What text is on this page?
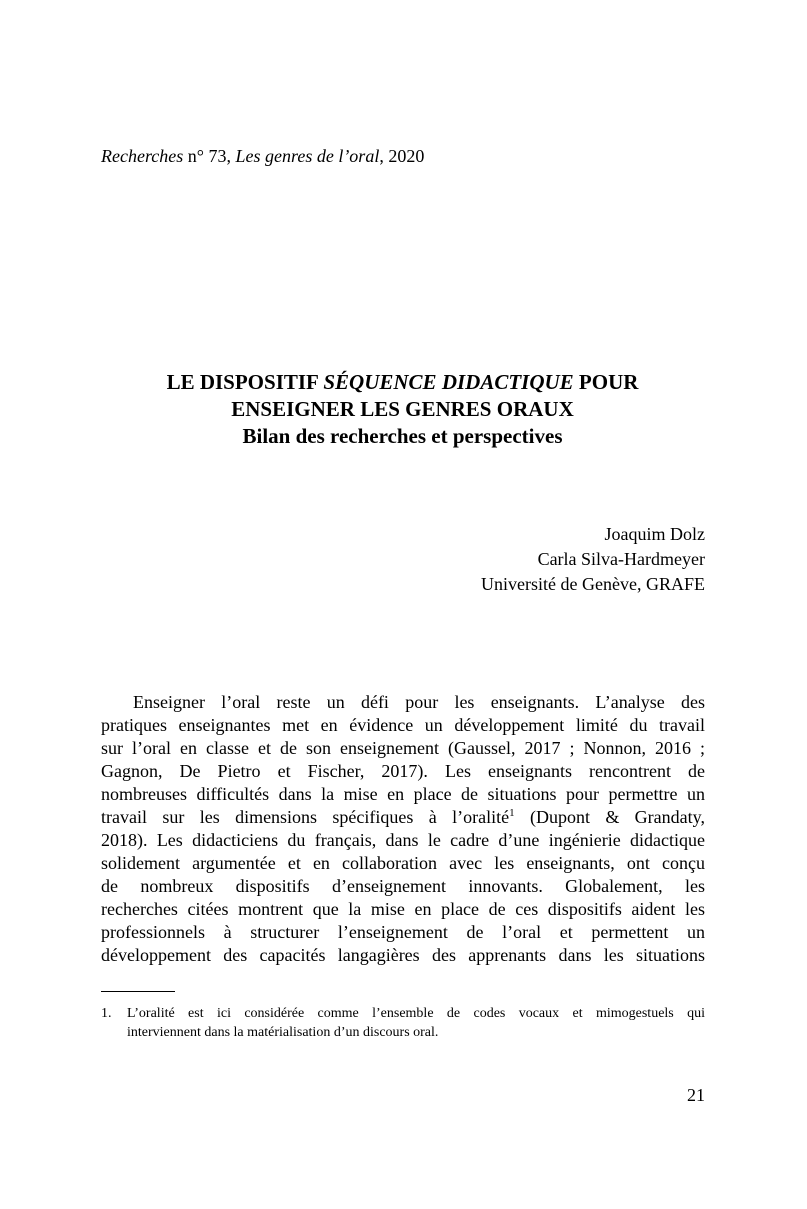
Recherches n° 73, Les genres de l’oral, 2020
LE DISPOSITIF SÉQUENCE DIDACTIQUE POUR
ENSEIGNER LES GENRES ORAUX
Bilan des recherches et perspectives
Joaquim Dolz
Carla Silva-Hardmeyer
Université de Genève, GRAFE
Enseigner l’oral reste un défi pour les enseignants. L’analyse des
pratiques enseignantes met en évidence un développement limité du travail
sur l’oral en classe et de son enseignement (Gaussel, 2017 ; Nonnon, 2016 ;
Gagnon, De Pietro et Fischer, 2017). Les enseignants rencontrent de
nombreuses difficultés dans la mise en place de situations pour permettre un
travail sur les dimensions spécifiques à l’oralité$^1$ (Dupont & Grandaty,
2018). Les didacticiens du français, dans le cadre d’une ingénierie didactique
solidement argumentée et en collaboration avec les enseignants, ont conçu
de nombreux dispositifs d’enseignement innovants. Globalement, les
recherches citées montrent que la mise en place de ces dispositifs aident les
professionnels à structurer l’enseignement de l’oral et permettent un
développement des capacités langagières des apprenants dans les situations
1.	L’oralité est ici considérée comme l’ensemble de codes vocaux et mimogestuels qui
interviennent dans la matérialisation d’un discours oral.
21
